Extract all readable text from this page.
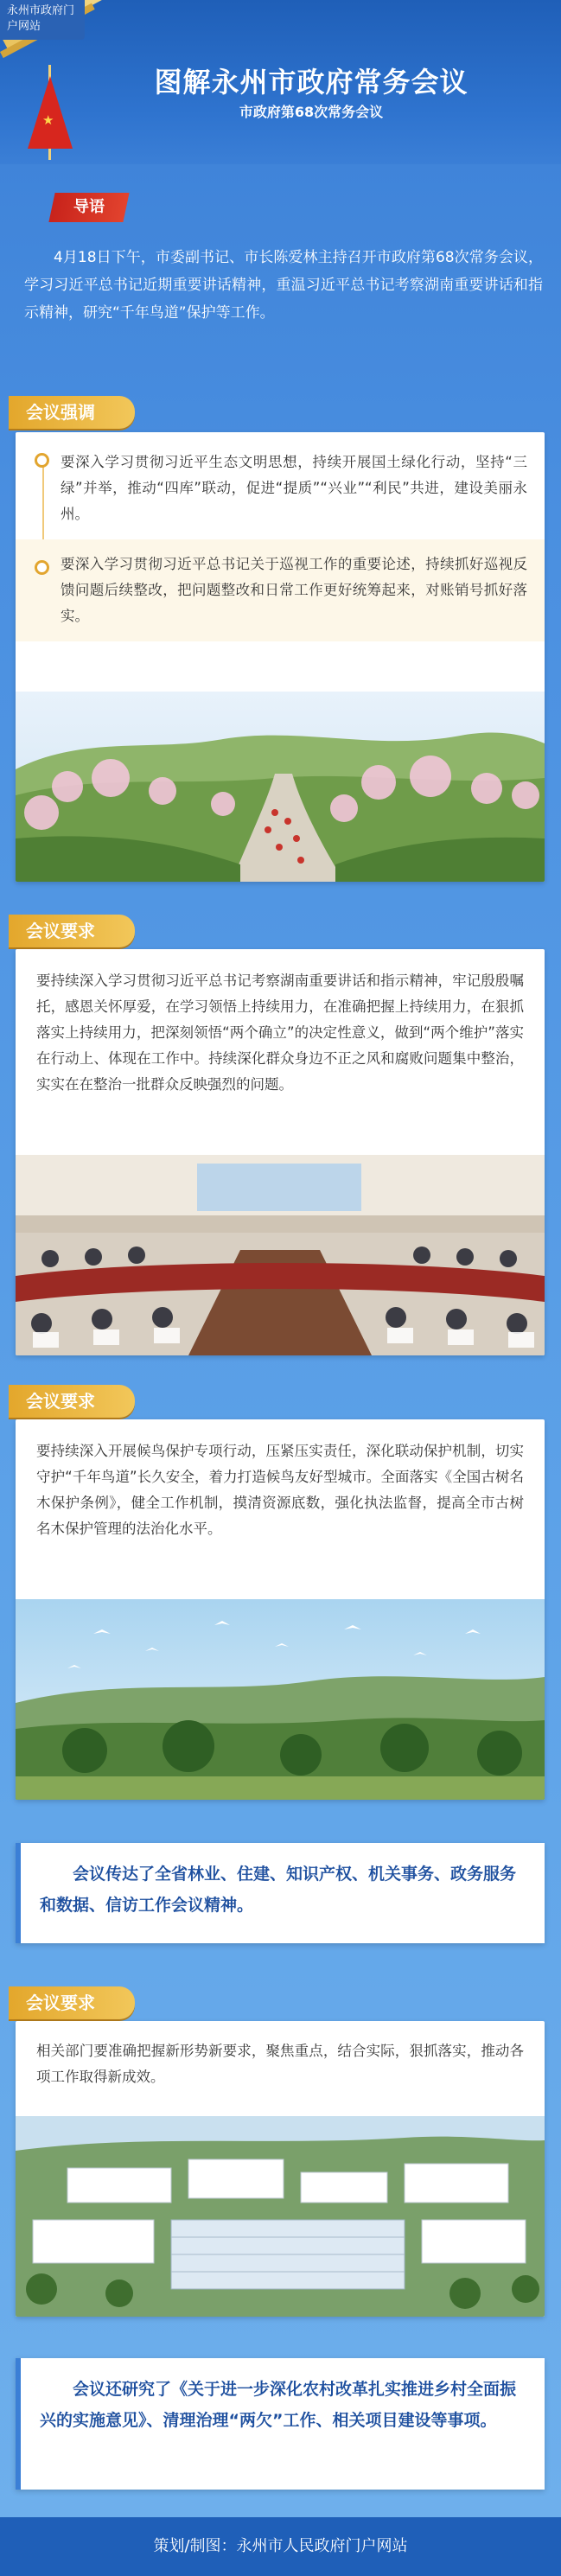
永州市政府门户网站
★
图解永州市政府常务会议
市政府第68次常务会议
导语
4月18日下午，市委副书记、市长陈爱林主持召开市政府第68次常务会议，学习习近平总书记近期重要讲话精神，重温习近平总书记考察湖南重要讲话和指示精神，研究“千年鸟道”保护等工作。
会议强调
要深入学习贯彻习近平生态文明思想，持续开展国土绿化行动，坚持“三绿”并举，推动“四库”联动，促进“提质”“兴业”“利民”共进，建设美丽永州。
要深入学习贯彻习近平总书记关于巡视工作的重要论述，持续抓好巡视反馈问题后续整改，把问题整改和日常工作更好统筹起来，对账销号抓好落实。
会议要求
要持续深入学习贯彻习近平总书记考察湖南重要讲话和指示精神，牢记殷殷嘱托，感恩关怀厚爱，在学习领悟上持续用力，在准确把握上持续用力，在狠抓落实上持续用力，把深刻领悟“两个确立”的决定性意义，做到“两个维护”落实在行动上、体现在工作中。持续深化群众身边不正之风和腐败问题集中整治，实实在在整治一批群众反映强烈的问题。
会议要求
要持续深入开展候鸟保护专项行动，压紧压实责任，深化联动保护机制，切实守护“千年鸟道”长久安全，着力打造候鸟友好型城市。全面落实《全国古树名木保护条例》，健全工作机制，摸清资源底数，强化执法监督，提高全市古树名木保护管理的法治化水平。
会议传达了全省林业、住建、知识产权、机关事务、政务服务和数据、信访工作会议精神。
会议要求
相关部门要准确把握新形势新要求，聚焦重点，结合实际，狠抓落实，推动各项工作取得新成效。
会议还研究了《关于进一步深化农村改革扎实推进乡村全面振兴的实施意见》、清理治理“两欠”工作、相关项目建设等事项。
策划/制图：永州市人民政府门户网站
